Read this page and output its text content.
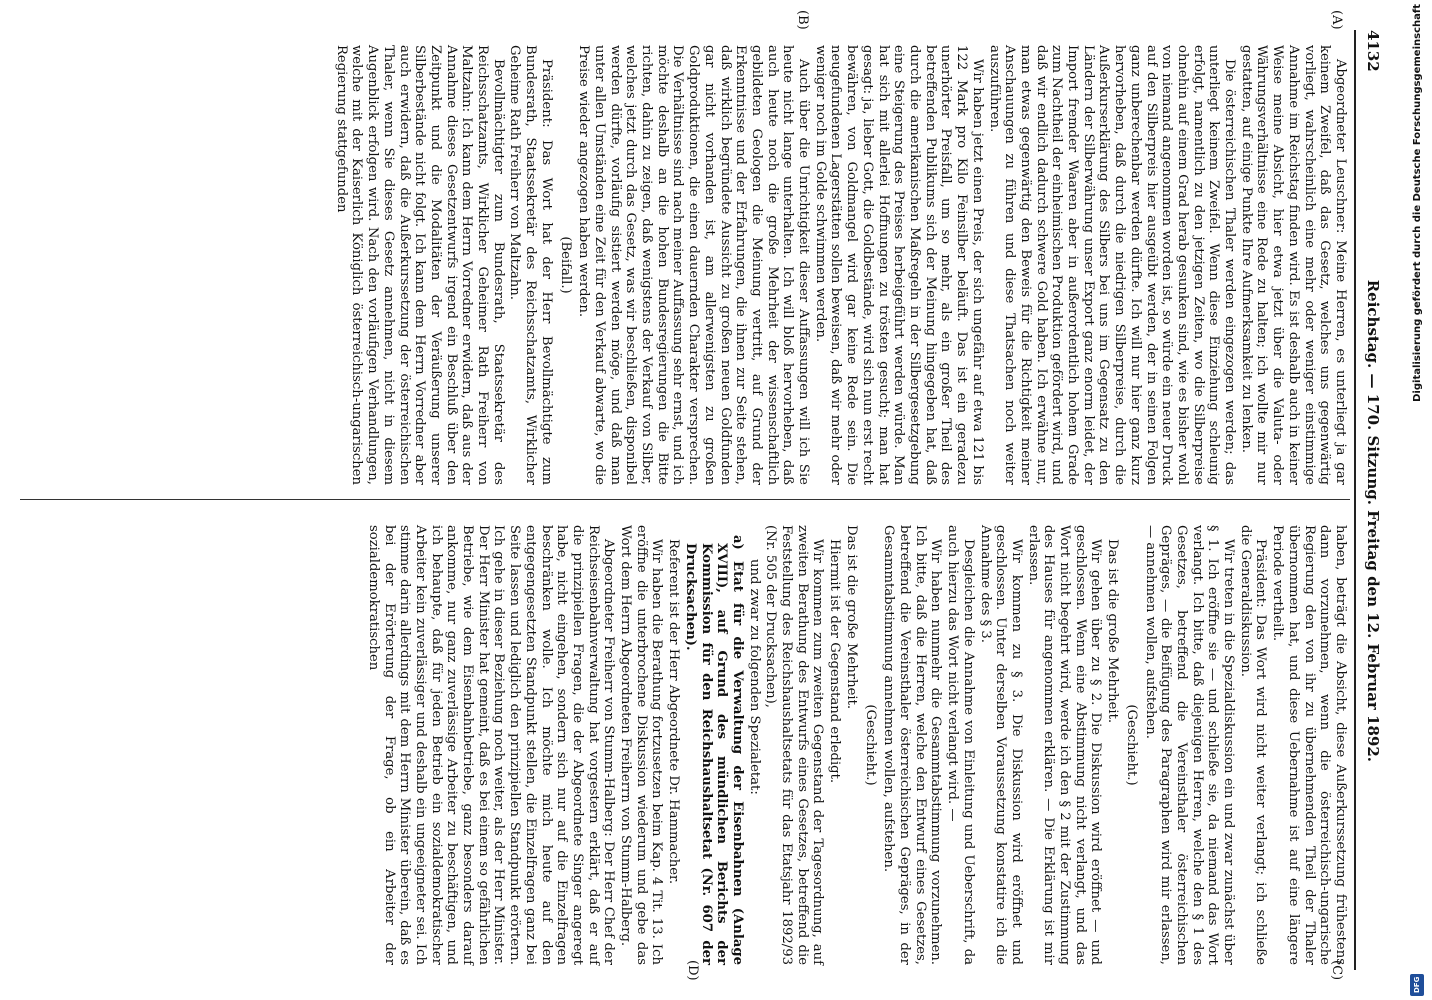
4132
Reichstag. — 170. Sitzung. Freitag den 12. Februar 1892.
(A)
(B)
(C)
(D)

Abgeordneter Leuschner: Meine Herren, es unterliegt ja gar keinem Zweifel, daß das Gesetz, welches uns gegenwärtig vorliegt, wahrscheinlich eine mehr oder weniger einstimmige Annahme im Reichstag finden wird. Es ist deshalb auch in keiner Weise meine Absicht, hier etwa jetzt über die Valuta- oder Währungsverhältnisse eine Rede zu halten; ich wollte mir nur gestatten, auf einige Punkte Ihre Aufmerksamkeit zu lenken.

Die österreichischen Thaler werden eingezogen werden; das unterliegt keinem Zweifel. Wenn diese Einziehung schleunig erfolgt, namentlich zu den jetzigen Zeiten, wo die Silberpreise ohnehin auf einem Grad herab gesunken sind, wie es bisher wohl von niemand angenommen worden ist, so würde ein neuer Druck auf den Silberpreis hier ausgeübt werden, der in seinen Folgen ganz unberechenbar werden dürfte. Ich will nur hier ganz kurz hervorheben, daß durch die niedrigen Silberpreise, durch die Außerkurserklärung des Silbers bei uns im Gegensatz zu den Ländern der Silberwährung unser Export ganz enorm leidet, der Import fremder Waaren aber in außerordentlich hohem Grade zum Nachtheil der einheimischen Produktion gefördert wird, und daß wir endlich dadurch schwere Gold haben. Ich erwähne nur, man etwas gegenwärtig den Beweis für die Richtigkeit meiner Anschauungen zu führen und diese Thatsachen noch weiter auszuführen.

Wir haben jetzt einen Preis, der sich ungefähr auf etwa 121 bis 122 Mark pro Kilo Feinsilber beläuft. Das ist ein geradezu unerhörter Preisfall, um so mehr, als ein großer Theil des betreffenden Publikums sich der Meinung hingegeben hat, daß durch die amerikanischen Maßregeln in der Silbergesetzgebung eine Steigerung des Preises herbeigeführt werden würde. Man hat sich mit allerlei Hoffnungen zu trösten gesucht; man hat gesagt: ja, lieber Gott, die Goldbestände, wird sich nun erst recht bewähren, von Goldmangel wird gar keine Rede sein. Die neugefundenen Lagerstätten sollen beweisen, daß wir mehr oder weniger noch im Golde schwimmen werden.

Auch über die Unrichtigkeit dieser Auffassungen will ich Sie heute nicht lange unterhalten. Ich will bloß hervorheben, daß auch heute noch die große Mehrheit der wissenschaftlich gebildeten Geologen die Meinung vertritt, auf Grund der Erkenntnisse und der Erfahrungen, die ihnen zur Seite stehen, daß wirklich begründete Aussicht zu großen neuen Goldfunden gar nicht vorhanden ist, am allerwenigsten zu großen Goldproduktionen, die einen dauernden Charakter versprechen. Die Verhältnisse sind nach meiner Auffassung sehr ernst, und ich möchte deshalb an die hohen Bundesregierungen die Bitte richten, dahin zu zeigen, daß wenigstens der Verkauf von Silber, welches jetzt durch das Gesetz, was wir beschließen, disponibel werden dürfte, vorläufig sistiert werden möge, und daß man unter allen Umständen eine Zeit für den Verkauf abwarte, wo die Preise wieder angezogen haben werden.

(Beifall.)

Präsident: Das Wort hat der Herr Bevollmächtigte zum Bundesrath, Staatssekretär des Reichsschatzamts, Wirklicher Geheime Rath Freiherr von Maltzahn.

Bevollmächtigter zum Bundesrath, Staatssekretär des Reichsschatzamts, Wirklicher Geheimer Rath Freiherr von Maltzahn: Ich kann dem Herrn Vorredner erwidern, daß aus der Annahme dieses Gesetzentwurfs irgend ein Beschluß über den Zeitpunkt und die Modalitäten der Veräußerung unserer Silberbestände nicht folgt. Ich kann dem Herrn Vorredner aber auch erwidern, daß die Außerkurssetzung der österreichischen Thaler, wenn Sie dieses Gesetz annehmen, nicht in diesem Augenblick erfolgen wird. Nach den vorläufigen Verhandlungen, welche mit der Kaiserlich Königlich österreichisch-ungarischen Regierung stattgefunden

haben, beträgt die Absicht, diese Außerkurssetzung frühestens dann vorzunehmen, wenn die österreichisch-ungarische Regierung den von ihr zu übernehmenden Theil der Thaler übernommen hat, und diese Uebernahme ist auf eine längere Periode vertheilt.

Präsident: Das Wort wird nicht weiter verlangt; ich schließe die Generaldiskussion.

Wir treten in die Spezialdiskussion ein und zwar zunächst über § 1. Ich eröffne sie — und schließe sie, da niemand das Wort verlangt. Ich bitte, daß diejenigen Herren, welche den § 1 des Gesetzes, betreffend die Vereinsthaler österreichischen Gepräges, — die Beifügung des Paragraphen wird mir erlassen, — annehmen wollen, aufstehen.

(Geschieht.)

Das ist die große Mehrheit.

Wir gehen über zu § 2. Die Diskussion wird eröffnet — und geschlossen. Wenn eine Abstimmung nicht verlangt, und das Wort nicht begehrt wird, werde ich den § 2 mit der Zustimmung des Hauses für angenommen erklären. — Die Erklärung ist mir erlassen.

Wir kommen zu § 3. Die Diskussion wird eröffnet und geschlossen. Unter derselben Voraussetzung konstatire ich die Annahme des § 3.

Desgleichen die Annahme von Einleitung und Ueberschrift, da auch hierzu das Wort nicht verlangt wird. —

Wir haben nunmehr die Gesammtabstimmung vorzunehmen. Ich bitte, daß die Herren, welche den Entwurf eines Gesetzes, betreffend die Vereinsthaler österreichischen Gepräges, in der Gesammtabstimmung annehmen wollen, aufstehen.

(Geschieht.)

Das ist die große Mehrheit.

Hiermit ist der Gegenstand erledigt.

Wir kommen zum zweiten Gegenstand der Tagesordnung, auf zweiten Berathung des Entwurfs eines Gesetzes, betreffend die Feststellung des Reichshaushaltsetats für das Etatsjahr 1892/93 (Nr. 505 der Drucksachen),

und zwar zu folgenden Spezialetat:

a) Etat für die Verwaltung der Eisenbahnen (Anlage XVIII), auf Grund des mündlichen Berichts der Kommission für den Reichshaushaltsetat (Nr. 607 der Drucksachen).

Referent ist der Herr Abgeordnete Dr. Hammacher.

Wir haben die Berathung fortzusetzen beim Kap. 4 Tit. 13. Ich eröffne die unterbrochene Diskussion wiederum und gebe das Wort dem Herrn Abgeordneten Freiherrn von Stumm-Halberg.

Abgeordneter Freiherr von Stumm-Halberg: Der Herr Chef der Reichseisenbahnverwaltung hat vorgestern erklärt, daß er auf die prinzipiellen Fragen, die der Abgeordnete Singer angeregt habe, nicht eingehen, sondern sich nur auf die Einzelfragen beschränken wolle. Ich möchte mich heute auf den entgegengesetzten Standpunkt stellen, die Einzelfragen ganz bei Seite lassen und lediglich den prinzipiellen Standpunkt erörtern. Ich gehe in dieser Beziehung noch weiter, als der Herr Minister. Der Herr Minister hat gemeint, daß es bei einem so gefährlichen Betriebe, wie dem Eisenbahnbetriebe, ganz besonders darauf ankomme, nur ganz zuverlässige Arbeiter zu beschäftigen, und ich behaupte, daß für jeden Betrieb ein sozialdemokratischer Arbeiter kein zuverlässiger und deshalb ein ungeeigneter sei. Ich stimme darin allerdings mit dem Herrn Minister überein, daß es bei der Erörterung der Frage, ob ein Arbeiter der sozialdemokratischen

Digitalisierung gefördert durch die Deutsche Forschungsgemeinschaft
DFG
